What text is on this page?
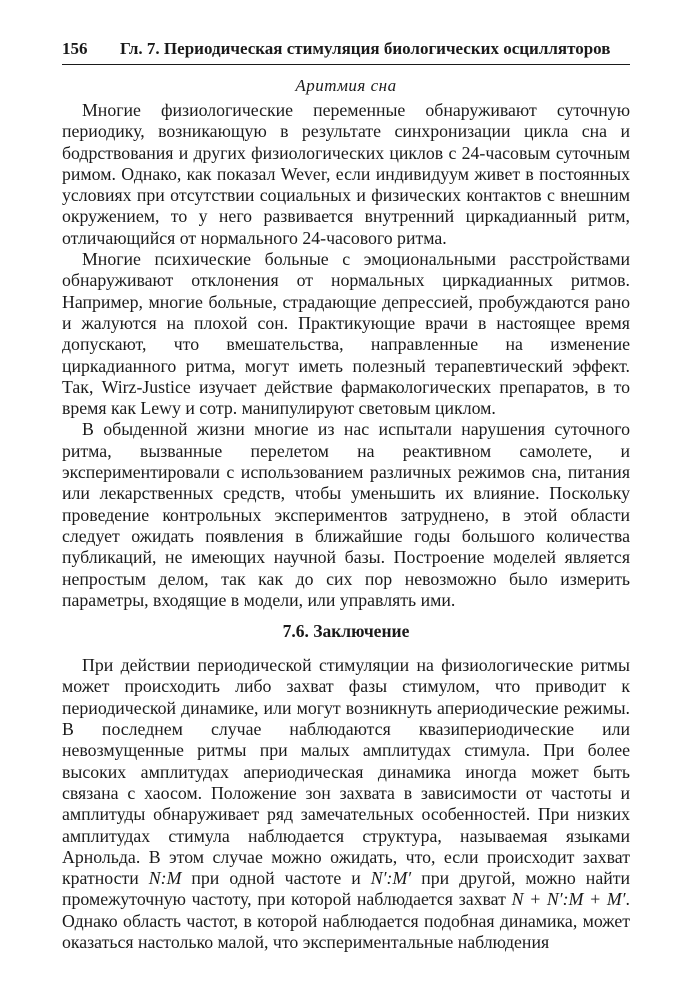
156	Гл. 7. Периодическая стимуляция биологических осцилляторов
Аритмия сна

Многие физиологические переменные обнаруживают суточную периодику, возникающую в результате синхронизации цикла сна и бодрствования и других физиологических циклов с 24-часовым суточным римом. Однако, как показал Wever, если индивидуум живет в постоянных условиях при отсутствии социальных и физических контактов с внешним окружением, то у него развивается внутренний циркадианный ритм, отличающийся от нормального 24-часового ритма.

Многие психические больные с эмоциональными расстройствами обнаруживают отклонения от нормальных циркадианных ритмов. Например, многие больные, страдающие депрессией, пробуждаются рано и жалуются на плохой сон. Практикующие врачи в настоящее время допускают, что вмешательства, направленные на изменение циркадианного ритма, могут иметь полезный терапевтический эффект. Так, Wirz-Justice изучает действие фармакологических препаратов, в то время как Lewy и сотр. манипулируют световым циклом.

В обыденной жизни многие из нас испытали нарушения суточного ритма, вызванные перелетом на реактивном самолете, и экспериментировали с использованием различных режимов сна, питания или лекарственных средств, чтобы уменьшить их влияние. Поскольку проведение контрольных экспериментов затруднено, в этой области следует ожидать появления в ближайшие годы большого количества публикаций, не имеющих научной базы. Построение моделей является непростым делом, так как до сих пор невозможно было измерить параметры, входящие в модели, или управлять ими.

7.6. Заключение

При действии периодической стимуляции на физиологические ритмы может происходить либо захват фазы стимулом, что приводит к периодической динамике, или могут возникнуть апериодические режимы. В последнем случае наблюдаются квазипериодические или невозмущенные ритмы при малых амплитудах стимула. При более высоких амплитудах апериодическая динамика иногда может быть связана с хаосом. Положение зон захвата в зависимости от частоты и амплитуды обнаруживает ряд замечательных особенностей. При низких амплитудах стимула наблюдается структура, называемая языками Арнольда. В этом случае можно ожидать, что, если происходит захват кратности N:M при одной частоте и N′:M′ при другой, можно найти промежуточную частоту, при которой наблюдается захват N + N′:M + M′. Однако область частот, в которой наблюдается подобная динамика, может оказаться настолько малой, что экспериментальные наблюдения
